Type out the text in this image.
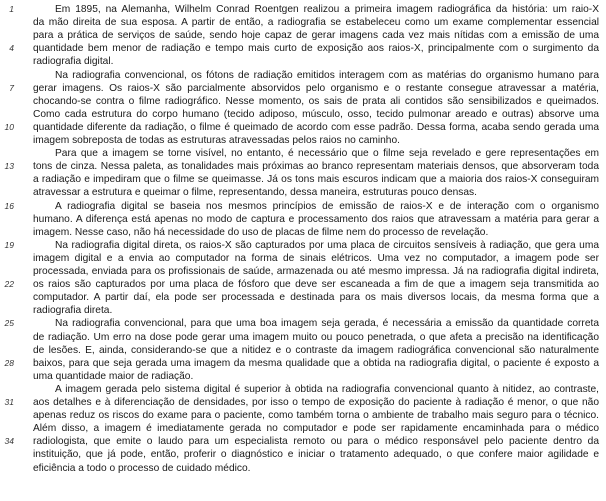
1	Em 1895, na Alemanha, Wilhelm Conrad Roentgen realizou a primeira imagem radiográfica da história: um raio-X
da mão direita de sua esposa. A partir de então, a radiografia se estabeleceu como um exame complementar essencial
para a prática de serviços de saúde, sendo hoje capaz de gerar imagens cada vez mais nítidas com a emissão de uma
4 quantidade bem menor de radiação e tempo mais curto de exposição aos raios-X, principalmente com o surgimento da
radiografia digital.
Na radiografia convencional, os fótons de radiação emitidos interagem com as matérias do organismo humano para
7 gerar imagens. Os raios-X são parcialmente absorvidos pelo organismo e o restante consegue atravessar a matéria,
chocando-se contra o filme radiográfico. Nesse momento, os sais de prata ali contidos são sensibilizados e queimados.
Como cada estrutura do corpo humano (tecido adiposo, músculo, osso, tecido pulmonar areado e outras) absorve uma
10 quantidade diferente da radiação, o filme é queimado de acordo com esse padrão. Dessa forma, acaba sendo gerada uma
imagem sobreposta de todas as estruturas atravessadas pelos raios no caminho.
Para que a imagem se torne visível, no entanto, é necessário que o filme seja revelado e gere representações em
13 tons de cinza. Nessa paleta, as tonalidades mais próximas ao branco representam materiais densos, que absorveram toda
a radiação e impediram que o filme se queimasse. Já os tons mais escuros indicam que a maioria dos raios-X conseguiram
atravessar a estrutura e queimar o filme, representando, dessa maneira, estruturas pouco densas.
16	A radiografia digital se baseia nos mesmos princípios de emissão de raios-X e de interação com o organismo
humano. A diferença está apenas no modo de captura e processamento dos raios que atravessam a matéria para gerar a
imagem. Nesse caso, não há necessidade do uso de placas de filme nem do processo de revelação.
19	Na radiografia digital direta, os raios-X são capturados por uma placa de circuitos sensíveis à radiação, que gera uma
imagem digital e a envia ao computador na forma de sinais elétricos. Uma vez no computador, a imagem pode ser
processada, enviada para os profissionais de saúde, armazenada ou até mesmo impressa. Já na radiografia digital indireta,
22 os raios são capturados por uma placa de fósforo que deve ser escaneada a fim de que a imagem seja transmitida ao
computador. A partir daí, ela pode ser processada e destinada para os mais diversos locais, da mesma forma que a
radiografia direta.
25	Na radiografia convencional, para que uma boa imagem seja gerada, é necessária a emissão da quantidade correta
de radiação. Um erro na dose pode gerar uma imagem muito ou pouco penetrada, o que afeta a precisão na identificação
de lesões. E, ainda, considerando-se que a nitidez e o contraste da imagem radiográfica convencional são naturalmente
28 baixos, para que seja gerada uma imagem da mesma qualidade que a obtida na radiografia digital, o paciente é exposto a
uma quantidade maior de radiação.
A imagem gerada pelo sistema digital é superior à obtida na radiografia convencional quanto à nitidez, ao contraste,
31 aos detalhes e à diferenciação de densidades, por isso o tempo de exposição do paciente à radiação é menor, o que não
apenas reduz os riscos do exame para o paciente, como também torna o ambiente de trabalho mais seguro para o técnico.
Além disso, a imagem é imediatamente gerada no computador e pode ser rapidamente encaminhada para o médico
34 radiologista, que emite o laudo para um especialista remoto ou para o médico responsável pelo paciente dentro da
instituição, que já pode, então, proferir o diagnóstico e iniciar o tratamento adequado, o que confere maior agilidade e
eficiência a todo o processo de cuidado médico.
